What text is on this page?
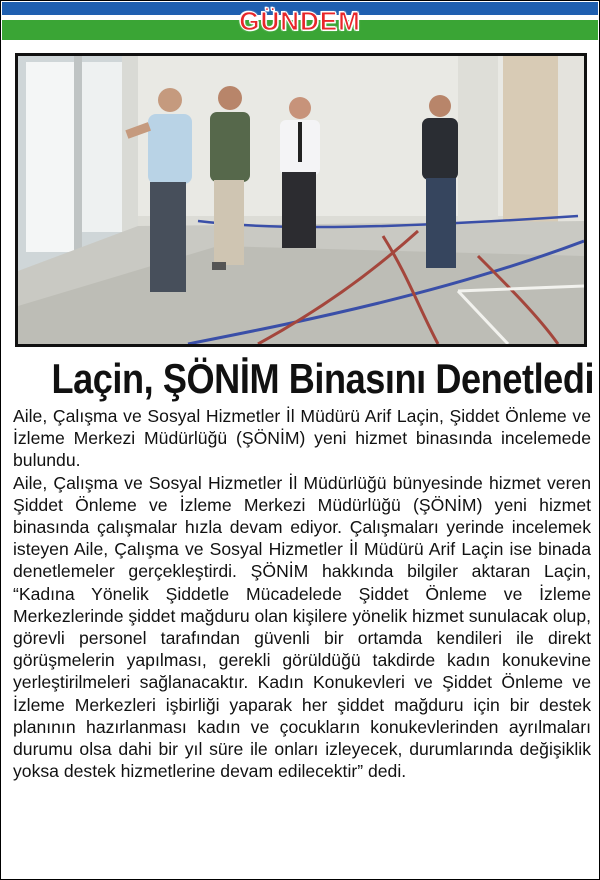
GÜNDEM
Laçin, ŞÖNİM Binasını Denetledi

Aile, Çalışma ve Sosyal Hizmetler İl Müdürü Arif Laçin, Şiddet Önleme ve İzleme Merkezi Müdürlüğü (ŞÖNİM) yeni hizmet binasında incelemede bulundu.

Aile, Çalışma ve Sosyal Hizmetler İl Müdürlüğü bünyesinde hizmet veren Şiddet Önleme ve İzleme Merkezi Müdürlüğü (ŞÖNİM) yeni hizmet binasında çalışmalar hızla devam ediyor. Çalışmaları yerinde incelemek isteyen Aile, Çalışma ve Sosyal Hizmetler İl Müdürü Arif Laçin ise binada denetlemeler gerçekleştirdi. ŞÖNİM hakkında bilgiler aktaran Laçin, “Kadına Yönelik Şiddetle Mücadelede Şiddet Önleme ve İzleme Merkezlerinde şiddet mağduru olan kişilere yönelik hizmet sunulacak olup, görevli personel tarafından güvenli bir ortamda kendileri ile direkt görüşmelerin yapılması, gerekli görüldüğü takdirde kadın konukevine yerleştirilmeleri sağlanacaktır. Kadın Konukevleri ve Şiddet Önleme ve İzleme Merkezleri işbirliği yaparak her şiddet mağduru için bir destek planının hazırlanması kadın ve çocukların konukevlerinden ayrılmaları durumu olsa dahi bir yıl süre ile onları izleyecek, durumlarında değişiklik yoksa destek hizmetlerine devam edilecektir” dedi.
